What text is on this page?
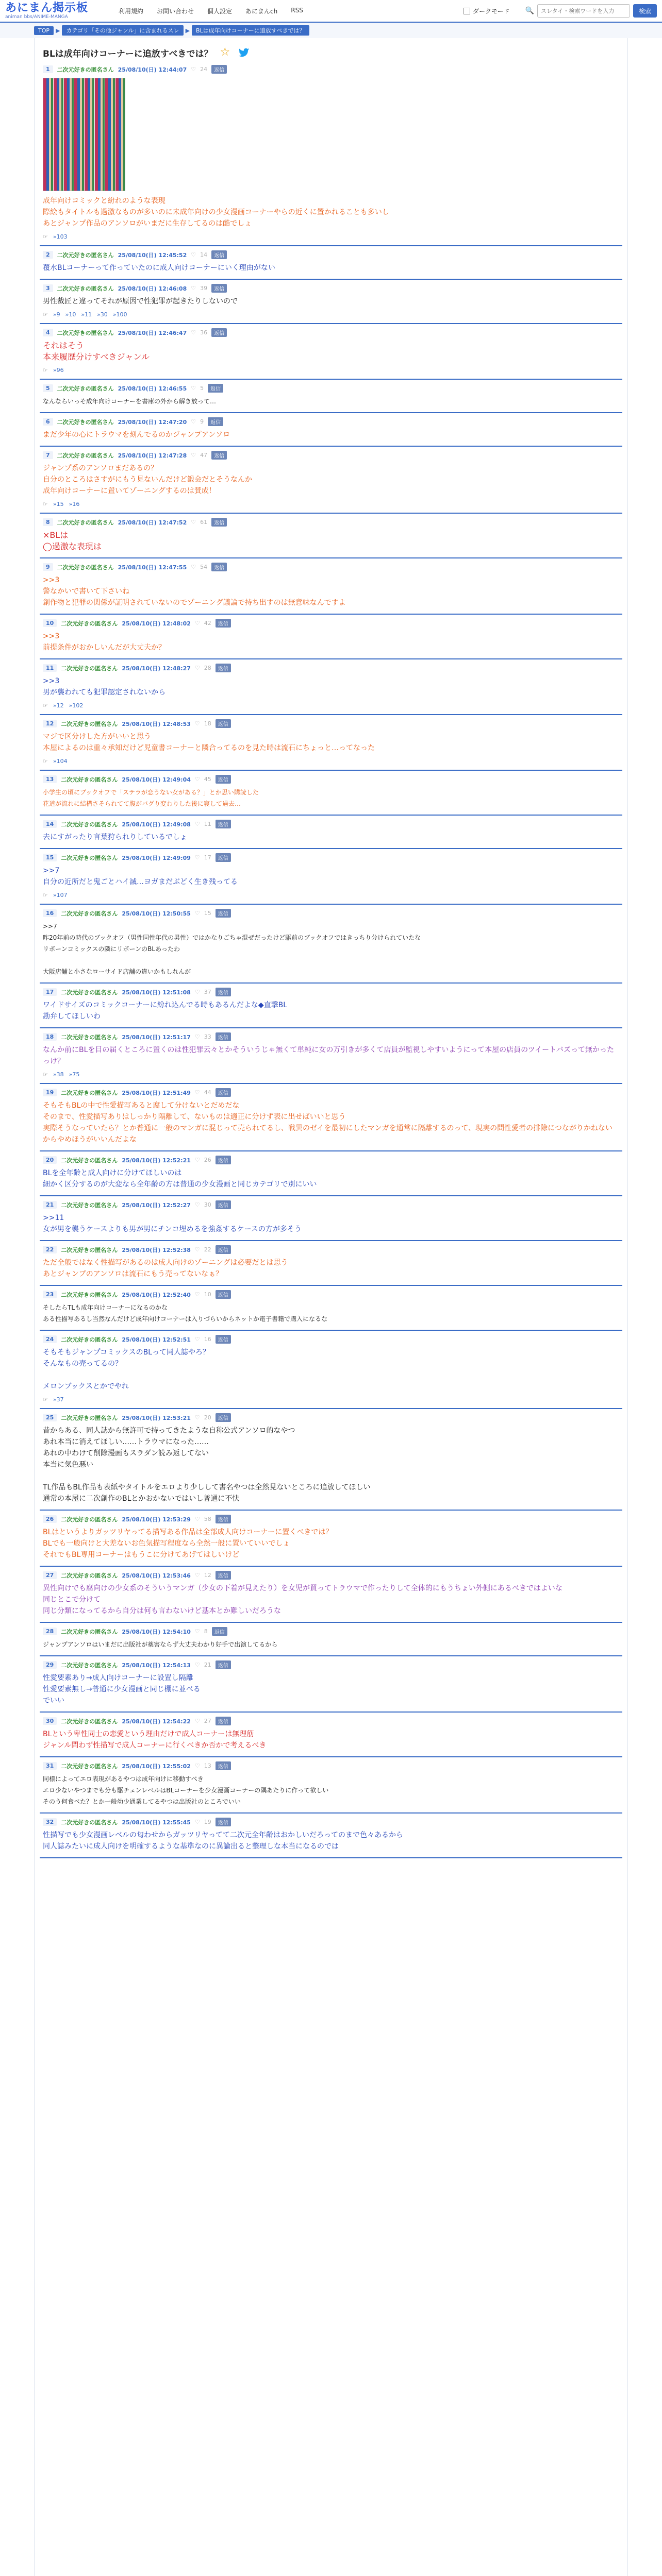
あにまん掲示板
animan bbs/ANIME-MANGA
利用規約 お問い合わせ 個人設定 あにまんch RSS	ダークモード 🔍
スレタイ・検索ワードを入力	検索
TOP	▶	カテゴリ「その他ジャンル」に含まれるスレ	▶	BLは成年向けコーナーに追放すべきでは？
BLは成年向けコーナーに追放すべきでは？ ☆
1	二次元好きの匿名さん 25/08/10(日) 12:44:07 ♡ 24	返信
成年向けコミックと紛れのような表現
際絵もタイトルも過激なものが多いのに未成年向けの少女漫画コーナーやらの近くに置かれることも多いし
あとジャンプ作品のアンソロがいまだに生存してるのは酷でしょ
☞ »103
2	二次元好きの匿名さん 25/08/10(日) 12:45:52 ♡ 14	返信
覆水BLコーナーって作っていたのに成人向けコーナーにいく理由がない
3	二次元好きの匿名さん 25/08/10(日) 12:46:08 ♡ 39	返信
男性裁匠と違ってそれが原因で性犯罪が起きたりしないので
☞ »9 »10 »11 »30 »100
4	二次元好きの匿名さん 25/08/10(日) 12:46:47 ♡ 36	返信
それはそう
本来履歴分けすべきジャンル
☞ »96
5	二次元好きの匿名さん 25/08/10(日) 12:46:55 ♡ 5	返信
なんならいっそ成年向けコーナーを書庫の外から解き放って…
6	二次元好きの匿名さん 25/08/10(日) 12:47:20 ♡ 9	返信
まだ少年の心にトラウマを刻んでるのかジャンプアンソロ
7	二次元好きの匿名さん 25/08/10(日) 12:47:28 ♡ 47	返信
ジャンプ系のアンソロまだあるの？
自分のところはさすがにもう見ないんだけど鍛会だとそうなんか
成年向けコーナーに置いてゾーニングするのは賛成！
☞ »15 »16
8	二次元好きの匿名さん 25/08/10(日) 12:47:52 ♡ 61	返信
×BLは
◯過激な表現は
9	二次元好きの匿名さん 25/08/10(日) 12:47:55 ♡ 54	返信
>>3
警なかいで書いて下さいね
創作物と犯罪の関係が証明されていないのでゾーニング議論で持ち出すのは無意味なんですよ
10	二次元好きの匿名さん 25/08/10(日) 12:48:02 ♡ 42	返信
>>3
前提条件がおかしいんだが大丈夫か？
11	二次元好きの匿名さん 25/08/10(日) 12:48:27 ♡ 28	返信
>>3
男が襲われても犯罪認定されないから
☞ »12 »102
12	二次元好きの匿名さん 25/08/10(日) 12:48:53 ♡ 18	返信
マジで区分けした方がいいと思う
本屋によるのは重々承知だけど児童書コーナーと隣合ってるのを見た時は流石にちょっと…ってなった
☞ »104
13	二次元好きの匿名さん 25/08/10(日) 12:49:04 ♡ 45	返信
小学生の頃にブックオフで「ステラが恋うない女がある？」とか思い購読した
花道が流れに結構さそられてて腹がバグり変わりした後に寝して過去…
14	二次元好きの匿名さん 25/08/10(日) 12:49:08 ♡ 11	返信
去にすがったり言葉狩られりしているでしょ
15	二次元好きの匿名さん 25/08/10(日) 12:49:09 ♡ 17	返信
>>7
自分の近所だと鬼ごとハイ滅…ヨガまだぶどく生き残ってる
☞ »107
16	二次元好きの匿名さん 25/08/10(日) 12:50:55 ♡ 15	返信
>>7
昨20年前の時代のブックオフ（男性同性年代の男性）ではかなりごちゃ混ぜだったけど駆前のブックオフではきっちり分けられていたな
リボーンコミックスの隣にリボーンのBLあったわ

大阪店舗と小さなローサイド店舗の違いかもしれんが
17	二次元好きの匿名さん 25/08/10(日) 12:51:08 ♡ 37	返信
ワイドサイズのコミックコーナーに紛れ込んでる時もあるんだよな◆直撃BL
勘弁してほしいわ
18	二次元好きの匿名さん 25/08/10(日) 12:51:17 ♡ 33	返信
なんか前にBLを目の届くところに置くのは性犯罪云々とかそういうじゃ無くて単純に女の万引きが多くて店員が監視しやすいようにって本屋の店員のツイートバズって無かったっけ？
☞ »38 »75
19	二次元好きの匿名さん 25/08/10(日) 12:51:49 ♡ 44	返信
そもそもBLの中で性愛描写あると腐して分けないとだめだな
そのまで、性愛描写ありはしっかり隔離して、ないものは適正に分けず表に出せばいいと思う
実際そうなっていたら？とか普通に一般のマンガに混じって売られてるし、戦異のゼイを最初にしたマンガを通常に隔離するのって、現実の問性愛者の排除につながりかねないからやめほうがいいんだよな
20	二次元好きの匿名さん 25/08/10(日) 12:52:21 ♡ 26	返信
BLを全年齢と成人向けに分けてほしいのは
細かく区分するのが大変なら全年齢の方は普通の少女漫画と同じカテゴリで別にいい
21	二次元好きの匿名さん 25/08/10(日) 12:52:27 ♡ 30	返信
>>11
女が男を襲うケースよりも男が男にチンコ埋めるを強姦するケースの方が多そう
22	二次元好きの匿名さん 25/08/10(日) 12:52:38 ♡ 22	返信
ただ全般ではなく性描写があるのは成人向けのゾーニングは必要だとは思う
あとジャンプのアンソロは流石にもう売ってないなぁ？
23	二次元好きの匿名さん 25/08/10(日) 12:52:40 ♡ 10	返信
そしたらTLも成年向けコーナーになるのかな
ある性描写あるし当然なんだけど成年向けコーナーは入りづらいからネットか電子書籍で購入になるな
24	二次元好きの匿名さん 25/08/10(日) 12:52:51 ♡ 16	返信
そもそもジャンプコミックスのBLって同人誌やろ？
そんなもの売ってるの？

メロンブックスとかでやれ
☞ »37
25	二次元好きの匿名さん 25/08/10(日) 12:53:21 ♡ 20	返信
昔からある、同人誌から無許可で持ってきたような自称公式アンソロ的なやつ
あれ本当に消えてほしい……トラウマになった……
あれの中わけて削除漫画もスラダン読み返してない
本当に気色悪い

TL作品もBL作品も表紙やタイトルをエロより少しして書名やつは全然見ないところに追放してほしい
通常の本屋に二次創作のBLとかおかないではいし普通に不快
26	二次元好きの匿名さん 25/08/10(日) 12:53:29 ♡ 58	返信
BLはというよりガッツリヤってる描写ある作品は全部成人向けコーナーに置くべきでは？
BLでも一般向けと大差ないお色気描写程度なら全然一般に置いていいでしょ
それでもBL専用コーナーはもうこに分けてあげてはしいけど
27	二次元好きの匿名さん 25/08/10(日) 12:53:46 ♡ 12	返信
異性向けでも腐向けの少女系のそういうマンガ（少女の下着が見えたり）を女児が買ってトラウマで作ったりして全体的にもうちょい外側にあるべきではよいな
同じとこで分けて
同じ分類になってるから自分は何も言わないけど基本とか難しいだろうな
28	二次元好きの匿名さん 25/08/10(日) 12:54:10 ♡ 8	返信
ジャンプアンソロはいまだに出版社が薬害ならず大丈夫わかり好手で出演してるから
29	二次元好きの匿名さん 25/08/10(日) 12:54:13 ♡ 21	返信
性愛要素あり→成人向けコーナーに設置し隔離
性愛要素無し→普通に少女漫画と同じ棚に並べる
でいい
30	二次元好きの匿名さん 25/08/10(日) 12:54:22 ♡ 27	返信
BLという卑性同士の恋愛という理由だけで成人コーナーは無理筋
ジャンル問わず性描写で成人コーナーに行くべきか否かで考えるべき
31	二次元好きの匿名さん 25/08/10(日) 12:55:02 ♡ 13	返信
同様によってエロ表現があるやつは成年向けに移動すべき
エロ少ないやつまでも分も駆チェンレベルはBLコーナーを少女漫画コーナーの隅あたりに作って欲しい
そのう何食べた？とか一般幼少通業してるやつは出版社のところでいい
32	二次元好きの匿名さん 25/08/10(日) 12:55:45 ♡ 19	返信
性描写でも少女漫画レベルの匂わせからガッツリヤってて二次元全年齢はおかしいだろってのまで色々あるから
同人誌みたいに成人向けを明確するような基準なのに異論出ると整理しな本当になるのでは
